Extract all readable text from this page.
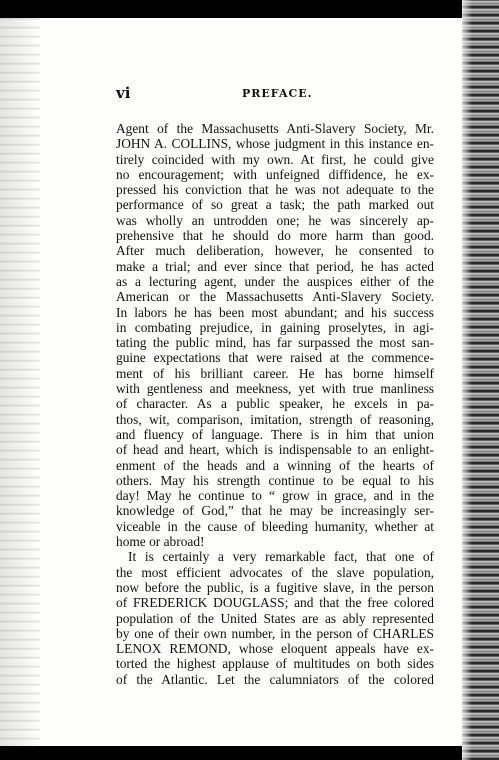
vi	PREFACE.
Agent of the Massachusetts Anti-Slavery Society, Mr.
JOHN A. COLLINS, whose judgment in this instance en-
tirely coincided with my own. At first, he could give
no encouragement; with unfeigned diffidence, he ex-
pressed his conviction that he was not adequate to the
performance of so great a task; the path marked out
was wholly an untrodden one; he was sincerely ap-
prehensive that he should do more harm than good.
After much deliberation, however, he consented to
make a trial; and ever since that period, he has acted
as a lecturing agent, under the auspices either of the
American or the Massachusetts Anti-Slavery Society.
In labors he has been most abundant; and his success
in combating prejudice, in gaining proselytes, in agi-
tating the public mind, has far surpassed the most san-
guine expectations that were raised at the commence-
ment of his brilliant career. He has borne himself
with gentleness and meekness, yet with true manliness
of character. As a public speaker, he excels in pa-
thos, wit, comparison, imitation, strength of reasoning,
and fluency of language. There is in him that union
of head and heart, which is indispensable to an enlight-
enment of the heads and a winning of the hearts of
others. May his strength continue to be equal to his
day! May he continue to “ grow in grace, and in the
knowledge of God,” that he may be increasingly ser-
viceable in the cause of bleeding humanity, whether at
home or abroad!
It is certainly a very remarkable fact, that one of
the most efficient advocates of the slave population,
now before the public, is a fugitive slave, in the person
of FREDERICK DOUGLASS; and that the free colored
population of the United States are as ably represented
by one of their own number, in the person of CHARLES
LENOX REMOND, whose eloquent appeals have ex-
torted the highest applause of multitudes on both sides
of the Atlantic. Let the calumniators of the colored
